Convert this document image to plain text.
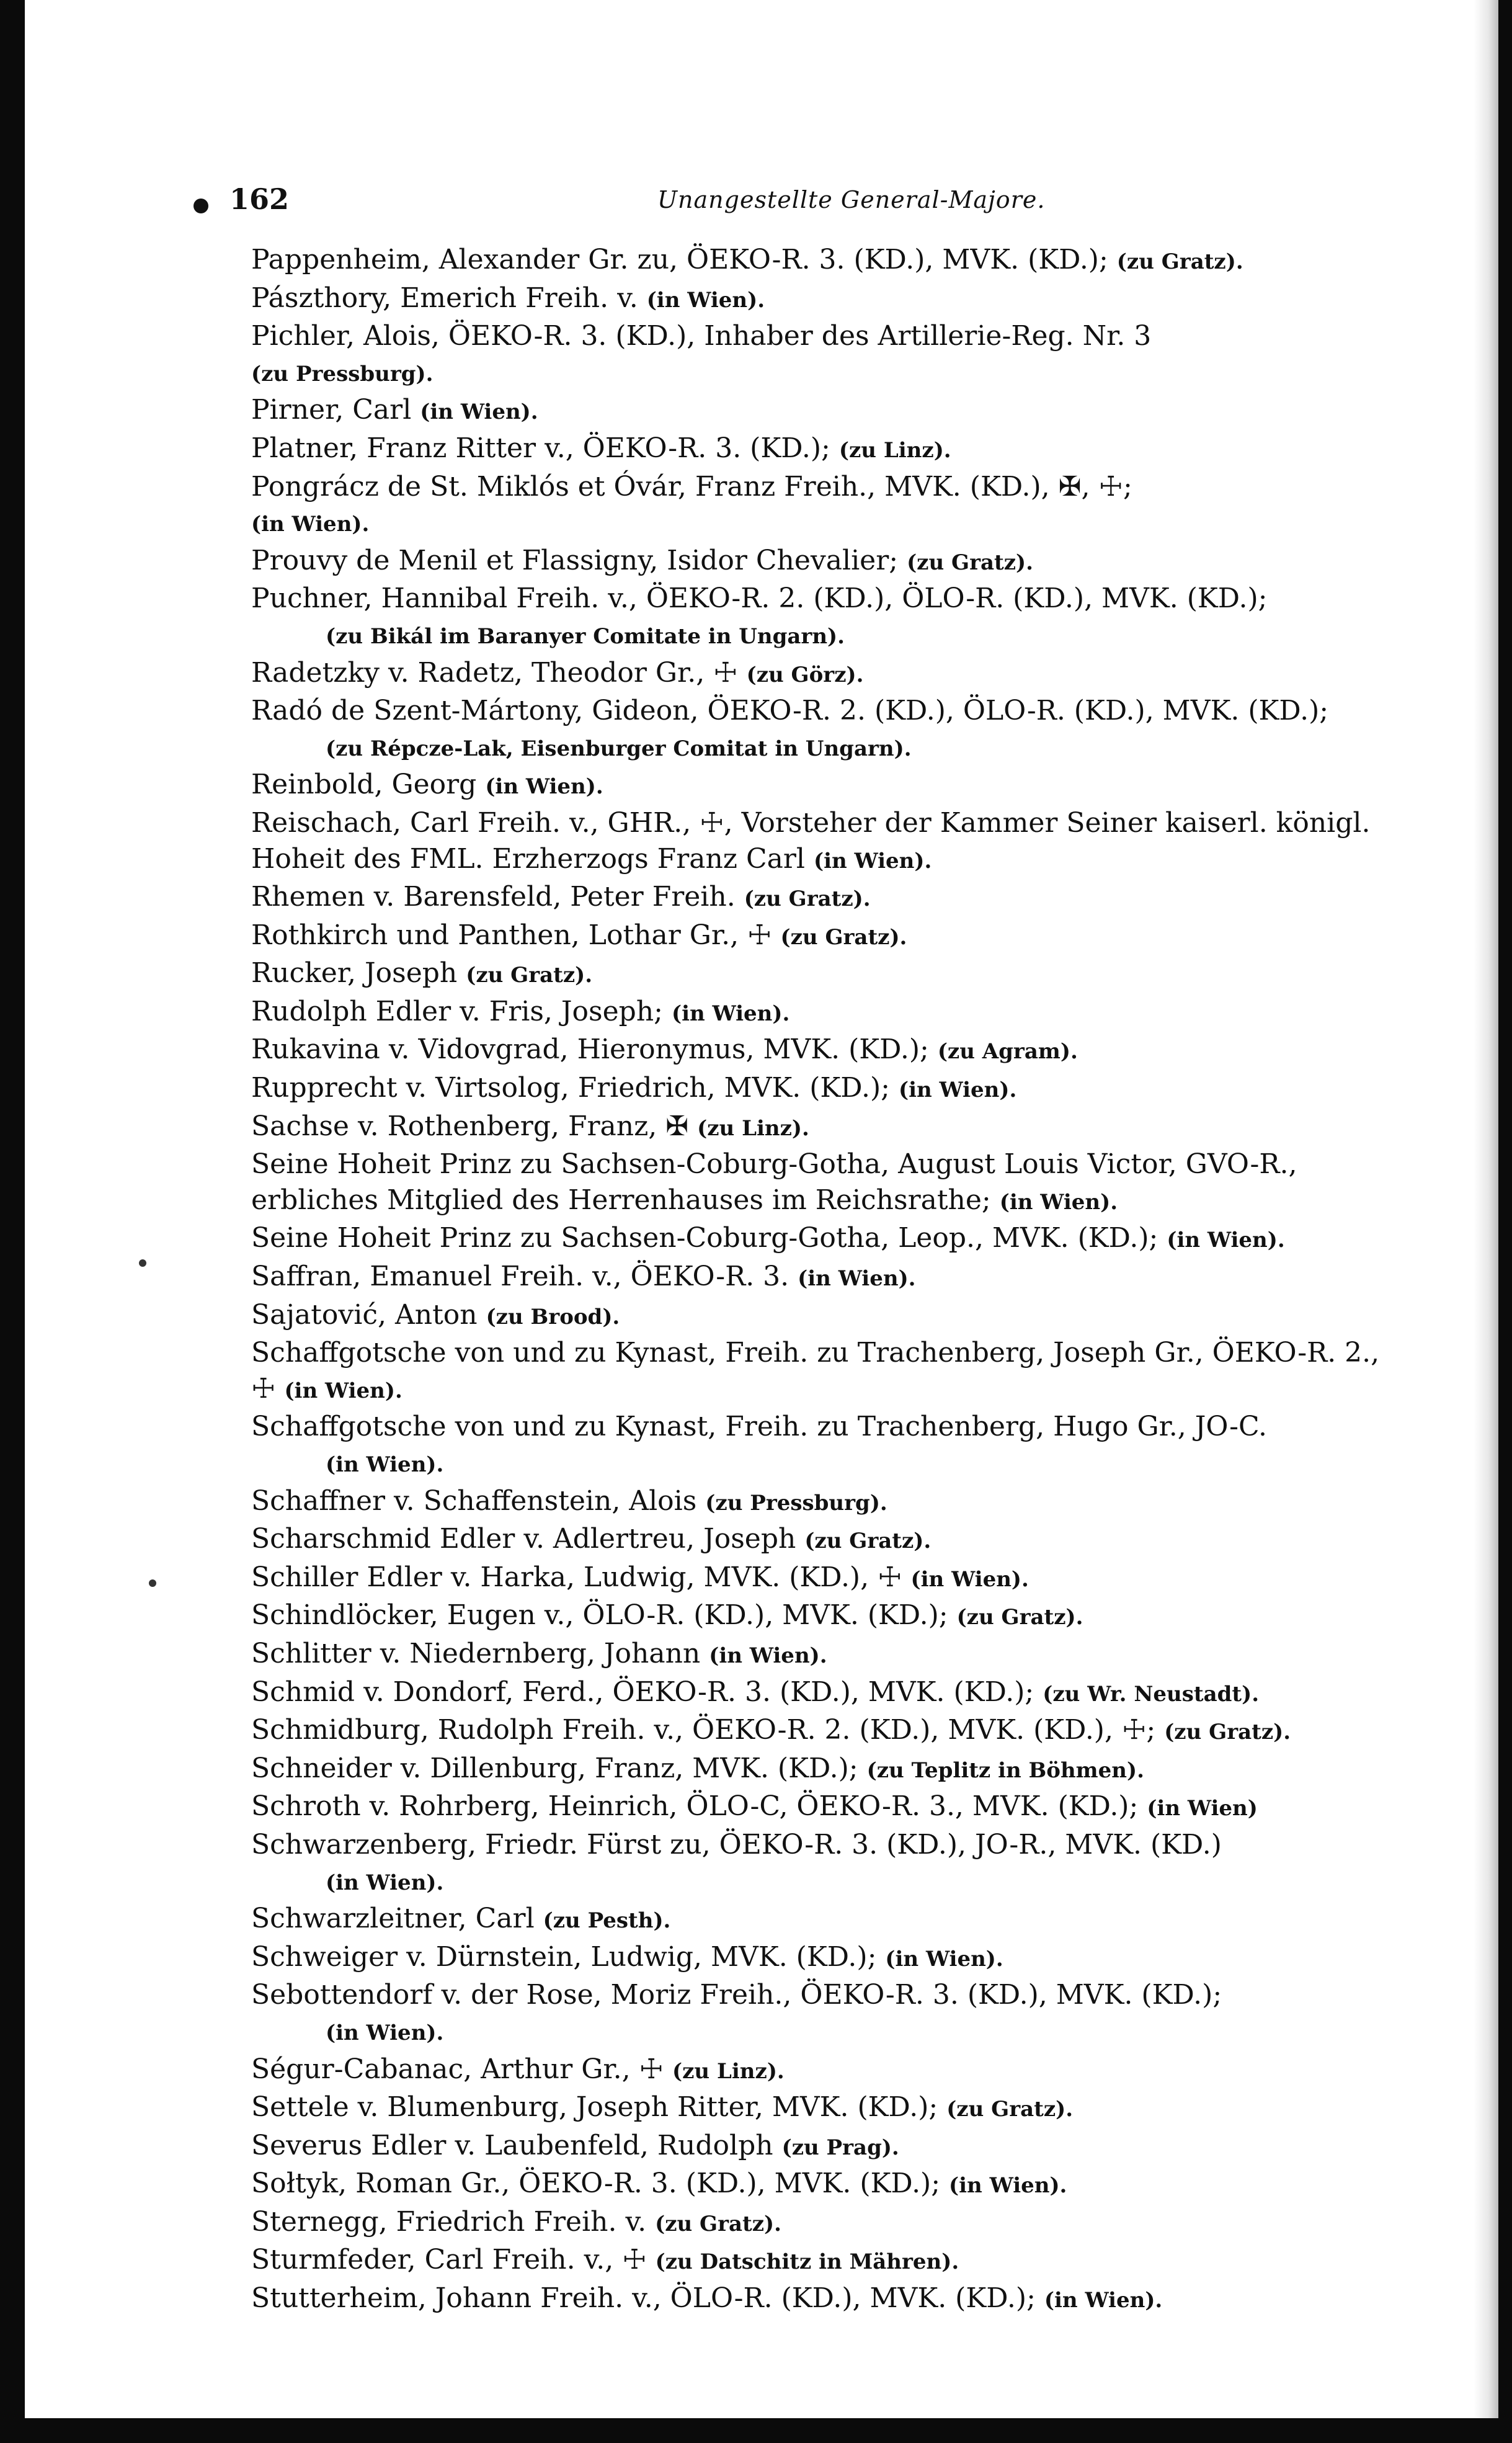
162	Unangestellte General-Majore.
Pappenheim, Alexander Gr. zu, ÖEKO-R. 3. (KD.), MVK. (KD.); (zu Gratz).
Pászthory, Emerich Freih. v. (in Wien).
Pichler, Alois, ÖEKO-R. 3. (KD.), Inhaber des Artillerie-Reg. Nr. 3
(zu Pressburg).
Pirner, Carl (in Wien).
Platner, Franz Ritter v., ÖEKO-R. 3. (KD.); (zu Linz).
Pongrácz de St. Miklós et Óvár, Franz Freih., MVK. (KD.), ✠, ☩;
(in Wien).
Prouvy de Menil et Flassigny, Isidor Chevalier; (zu Gratz).
Puchner, Hannibal Freih. v., ÖEKO-R. 2. (KD.), ÖLO-R. (KD.), MVK. (KD.);
(zu Bikál im Baranyer Comitate in Ungarn).
Radetzky v. Radetz, Theodor Gr., ☩ (zu Görz).
Radó de Szent-Mártony, Gideon, ÖEKO-R. 2. (KD.), ÖLO-R. (KD.), MVK. (KD.);
(zu Répcze-Lak, Eisenburger Comitat in Ungarn).
Reinbold, Georg (in Wien).
Reischach, Carl Freih. v., GHR., ☩, Vorsteher der Kammer Seiner kaiserl. königl. Hoheit des FML. Erzherzogs Franz Carl (in Wien).
Rhemen v. Barensfeld, Peter Freih. (zu Gratz).
Rothkirch und Panthen, Lothar Gr., ☩ (zu Gratz).
Rucker, Joseph (zu Gratz).
Rudolph Edler v. Fris, Joseph; (in Wien).
Rukavina v. Vidovgrad, Hieronymus, MVK. (KD.); (zu Agram).
Rupprecht v. Virtsolog, Friedrich, MVK. (KD.); (in Wien).
Sachse v. Rothenberg, Franz, ✠ (zu Linz).
Seine Hoheit Prinz zu Sachsen-Coburg-Gotha, August Louis Victor, GVO-R., erbliches Mitglied des Herrenhauses im Reichsrathe; (in Wien).
Seine Hoheit Prinz zu Sachsen-Coburg-Gotha, Leop., MVK. (KD.); (in Wien).
Saffran, Emanuel Freih. v., ÖEKO-R. 3. (in Wien).
Sajatović, Anton (zu Brood).
Schaffgotsche von und zu Kynast, Freih. zu Trachenberg, Joseph Gr., ÖEKO-R. 2., ☩ (in Wien).
Schaffgotsche von und zu Kynast, Freih. zu Trachenberg, Hugo Gr., JO-C.
(in Wien).
Schaffner v. Schaffenstein, Alois (zu Pressburg).
Scharschmid Edler v. Adlertreu, Joseph (zu Gratz).
Schiller Edler v. Harka, Ludwig, MVK. (KD.), ☩ (in Wien).
Schindlöcker, Eugen v., ÖLO-R. (KD.), MVK. (KD.); (zu Gratz).
Schlitter v. Niedernberg, Johann (in Wien).
Schmid v. Dondorf, Ferd., ÖEKO-R. 3. (KD.), MVK. (KD.); (zu Wr. Neustadt).
Schmidburg, Rudolph Freih. v., ÖEKO-R. 2. (KD.), MVK. (KD.), ☩; (zu Gratz).
Schneider v. Dillenburg, Franz, MVK. (KD.); (zu Teplitz in Böhmen).
Schroth v. Rohrberg, Heinrich, ÖLO-C, ÖEKO-R. 3., MVK. (KD.); (in Wien)
Schwarzenberg, Friedr. Fürst zu, ÖEKO-R. 3. (KD.), JO-R., MVK. (KD.)
(in Wien).
Schwarzleitner, Carl (zu Pesth).
Schweiger v. Dürnstein, Ludwig, MVK. (KD.); (in Wien).
Sebottendorf v. der Rose, Moriz Freih., ÖEKO-R. 3. (KD.), MVK. (KD.);
(in Wien).
Ségur-Cabanac, Arthur Gr., ☩ (zu Linz).
Settele v. Blumenburg, Joseph Ritter, MVK. (KD.); (zu Gratz).
Severus Edler v. Laubenfeld, Rudolph (zu Prag).
Sołtyk, Roman Gr., ÖEKO-R. 3. (KD.), MVK. (KD.); (in Wien).
Sternegg, Friedrich Freih. v. (zu Gratz).
Sturmfeder, Carl Freih. v., ☩ (zu Datschitz in Mähren).
Stutterheim, Johann Freih. v., ÖLO-R. (KD.), MVK. (KD.); (in Wien).
